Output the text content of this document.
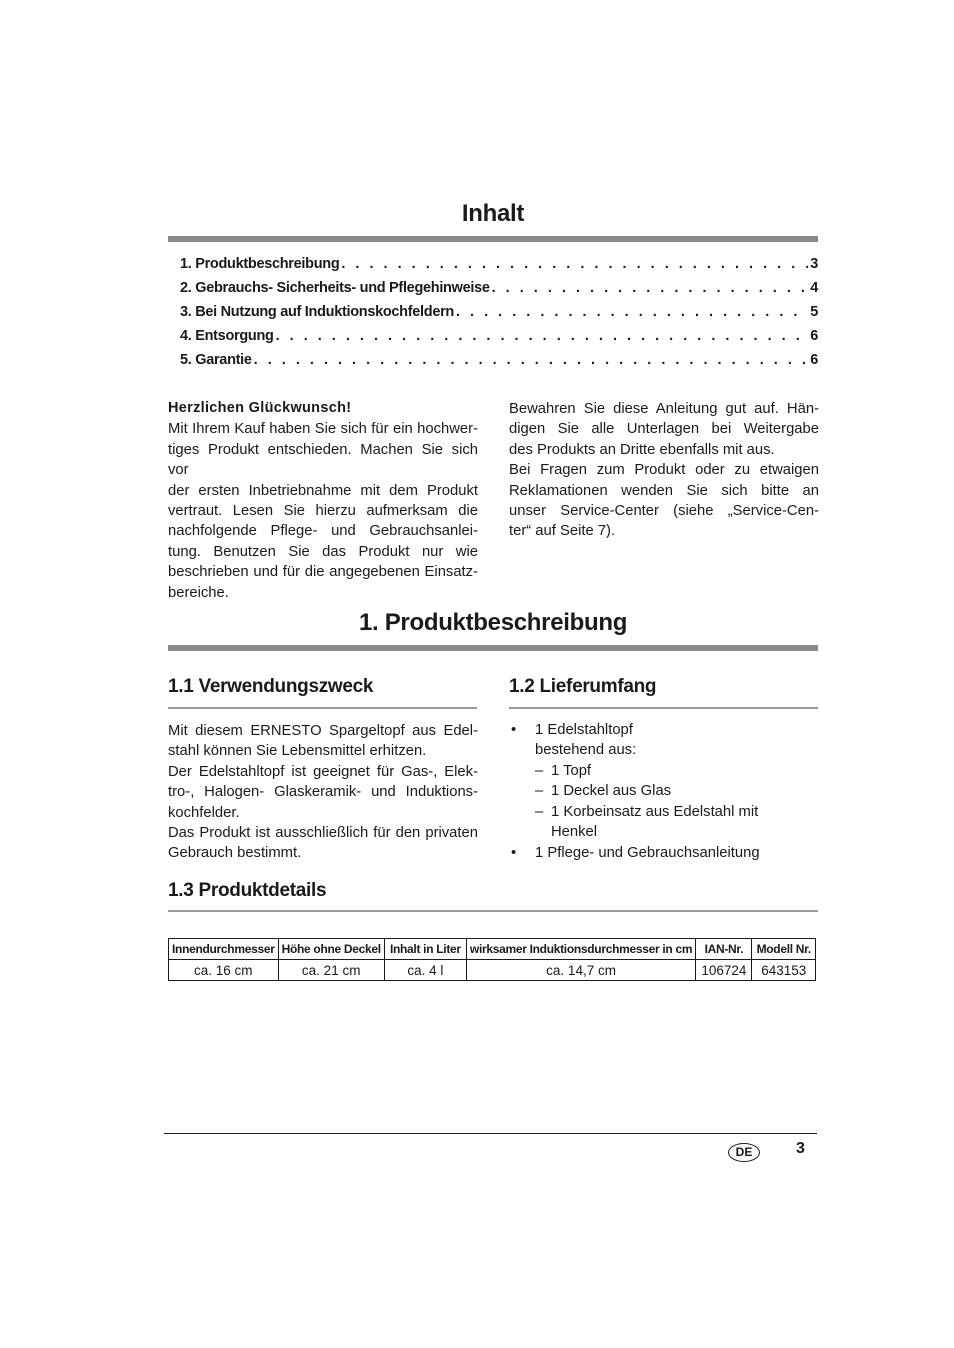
Inhalt
1. Produktbeschreibung . . .	3
2. Gebrauchs- Sicherheits- und Pflegehinweise . . .	4
3. Bei Nutzung auf Induktionskochfeldern . . .	5
4. Entsorgung . . .	6
5. Garantie . . .	6
Herzlichen Glückwunsch!
Mit Ihrem Kauf haben Sie sich für ein hochwer-
tiges Produkt entschieden. Machen Sie sich vor
der ersten Inbetriebnahme mit dem Produkt
vertraut. Lesen Sie hierzu aufmerksam die
nachfolgende Pflege- und Gebrauchsanlei-
tung. Benutzen Sie das Produkt nur wie
beschrieben und für die angegebenen Einsatz-
bereiche.
Bewahren Sie diese Anleitung gut auf. Hän-
digen Sie alle Unterlagen bei Weitergabe
des Produkts an Dritte ebenfalls mit aus.
Bei Fragen zum Produkt oder zu etwaigen
Reklamationen wenden Sie sich bitte an
unser Service-Center (siehe „Service-Cen-
ter“ auf Seite 7).
1. Produktbeschreibung
1.1 Verwendungszweck
Mit diesem ERNESTO Spargeltopf aus Edel-
stahl können Sie Lebensmittel erhitzen.
Der Edelstahltopf ist geeignet für Gas-, Elek-
tro-, Halogen- Glaskeramik- und Induktions-
kochfelder.
Das Produkt ist ausschließlich für den privaten
Gebrauch bestimmt.
1.2 Lieferumfang
• 1 Edelstahltopf
bestehend aus:
– 1 Topf
– 1 Deckel aus Glas
– 1 Korbeinsatz aus Edelstahl mit
Henkel
• 1 Pflege- und Gebrauchsanleitung
1.3 Produktdetails
Innendurchmesser	Höhe ohne Deckel	Inhalt in Liter	wirksamer Induktionsdurchmesser in cm	IAN-Nr.	Modell Nr.
ca. 16 cm	ca. 21 cm	ca. 4 l	ca. 14,7 cm	106724	643153
DE	3
